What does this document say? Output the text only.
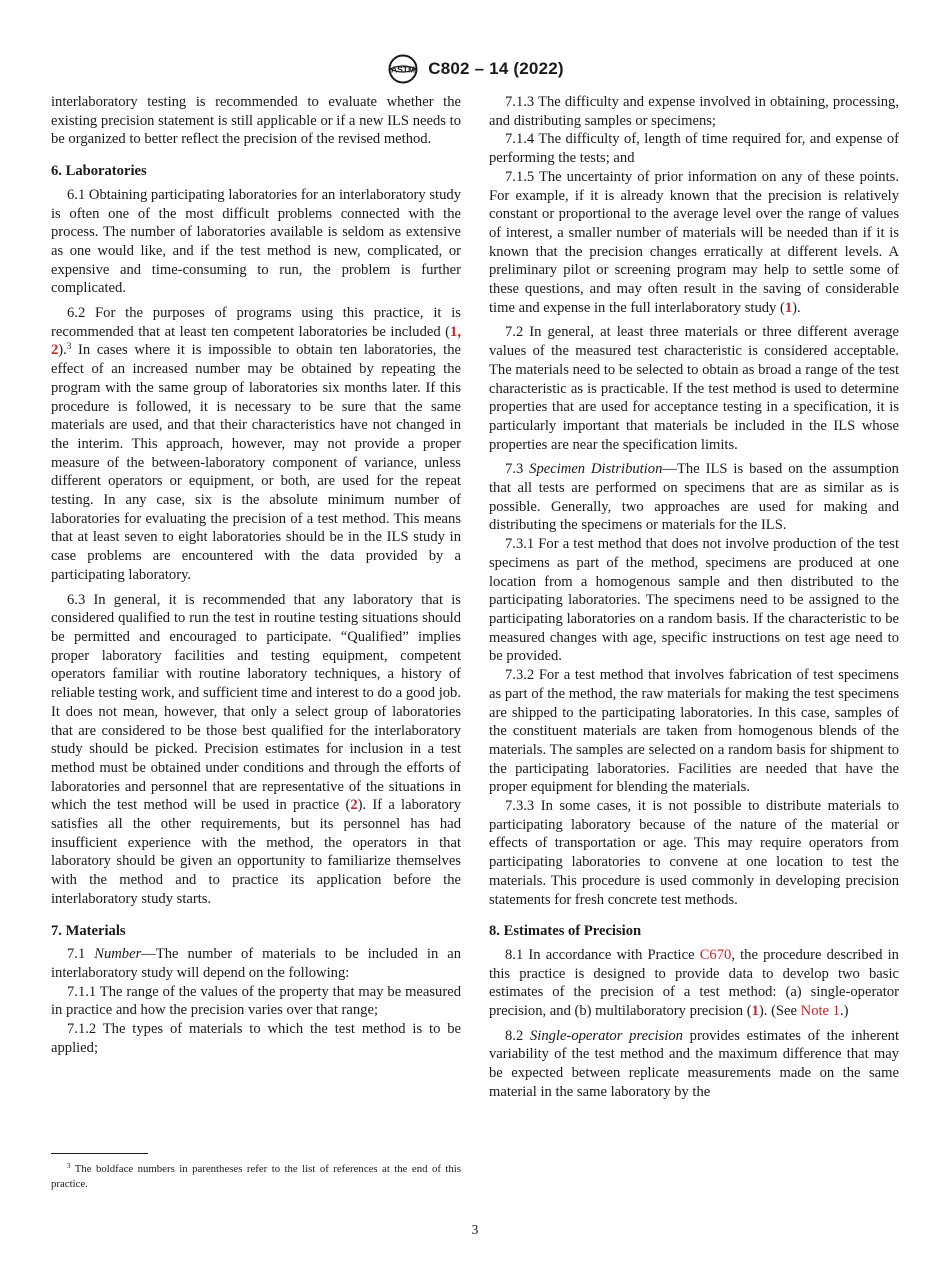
ASTM C802 – 14 (2022)

interlaboratory testing is recommended to evaluate whether the existing precision statement is still applicable or if a new ILS needs to be organized to better reflect the precision of the revised method.

6. Laboratories

6.1 Obtaining participating laboratories for an interlaboratory study is often one of the most difficult problems connected with the process. The number of laboratories available is seldom as extensive as one would like, and if the test method is new, complicated, or expensive and time-consuming to run, the problem is further complicated.

6.2 For the purposes of programs using this practice, it is recommended that at least ten competent laboratories be included (1, 2).$^3$ In cases where it is impossible to obtain ten laboratories, the effect of an increased number may be obtained by repeating the program with the same group of laboratories six months later. If this procedure is followed, it is necessary to be sure that the same materials are used, and that their characteristics have not changed in the interim. This approach, however, may not provide a proper measure of the between-laboratory component of variance, unless different operators or equipment, or both, are used for the repeat testing. In any case, six is the absolute minimum number of laboratories for evaluating the precision of a test method. This means that at least seven to eight laboratories should be in the ILS study in case problems are encountered with the data provided by a participating laboratory.

6.3 In general, it is recommended that any laboratory that is considered qualified to run the test in routine testing situations should be permitted and encouraged to participate. “Qualified” implies proper laboratory facilities and testing equipment, competent operators familiar with routine laboratory techniques, a history of reliable testing work, and sufficient time and interest to do a good job. It does not mean, however, that only a select group of laboratories that are considered to be those best qualified for the interlaboratory study should be picked. Precision estimates for inclusion in a test method must be obtained under conditions and through the efforts of laboratories and personnel that are representative of the situations in which the test method will be used in practice (2). If a laboratory satisfies all the other requirements, but its personnel has had insufficient experience with the method, the operators in that laboratory should be given an opportunity to familiarize themselves with the method and to practice its application before the interlaboratory study starts.

7. Materials

7.1 Number—The number of materials to be included in an interlaboratory study will depend on the following:

7.1.1 The range of the values of the property that may be measured in practice and how the precision varies over that range;

7.1.2 The types of materials to which the test method is to be applied;

$^3$ The boldface numbers in parentheses refer to the list of references at the end of this practice.

7.1.3 The difficulty and expense involved in obtaining, processing, and distributing samples or specimens;

7.1.4 The difficulty of, length of time required for, and expense of performing the tests; and

7.1.5 The uncertainty of prior information on any of these points. For example, if it is already known that the precision is relatively constant or proportional to the average level over the range of values of interest, a smaller number of materials will be needed than if it is known that the precision changes erratically at different levels. A preliminary pilot or screening program may help to settle some of these questions, and may often result in the saving of considerable time and expense in the full interlaboratory study (1).

7.2 In general, at least three materials or three different average values of the measured test characteristic is considered acceptable. The materials need to be selected to obtain as broad a range of the test characteristic as is practicable. If the test method is used to determine properties that are used for acceptance testing in a specification, it is particularly important that materials be included in the ILS whose properties are near the specification limits.

7.3 Specimen Distribution—The ILS is based on the assumption that all tests are performed on specimens that are as similar as is possible. Generally, two approaches are used for making and distributing the specimens or materials for the ILS.

7.3.1 For a test method that does not involve production of the test specimens as part of the method, specimens are produced at one location from a homogenous sample and then distributed to the participating laboratories. The specimens need to be assigned to the participating laboratories on a random basis. If the characteristic to be measured changes with age, specific instructions on test age need to be provided.

7.3.2 For a test method that involves fabrication of test specimens as part of the method, the raw materials for making the test specimens are shipped to the participating laboratories. In this case, samples of the constituent materials are taken from homogenous blends of the materials. The samples are selected on a random basis for shipment to the participating laboratories. Facilities are needed that have the proper equipment for blending the materials.

7.3.3 In some cases, it is not possible to distribute materials to participating laboratory because of the nature of the material or effects of transportation or age. This may require operators from participating laboratories to convene at one location to test the materials. This procedure is used commonly in developing precision statements for fresh concrete test methods.

8. Estimates of Precision

8.1 In accordance with Practice C670, the procedure described in this practice is designed to provide data to develop two basic estimates of the precision of a test method: (a) single-operator precision, and (b) multilaboratory precision (1). (See Note 1.)

8.2 Single-operator precision provides estimates of the inherent variability of the test method and the maximum difference that may be expected between replicate measurements made on the same material in the same laboratory by the

3
